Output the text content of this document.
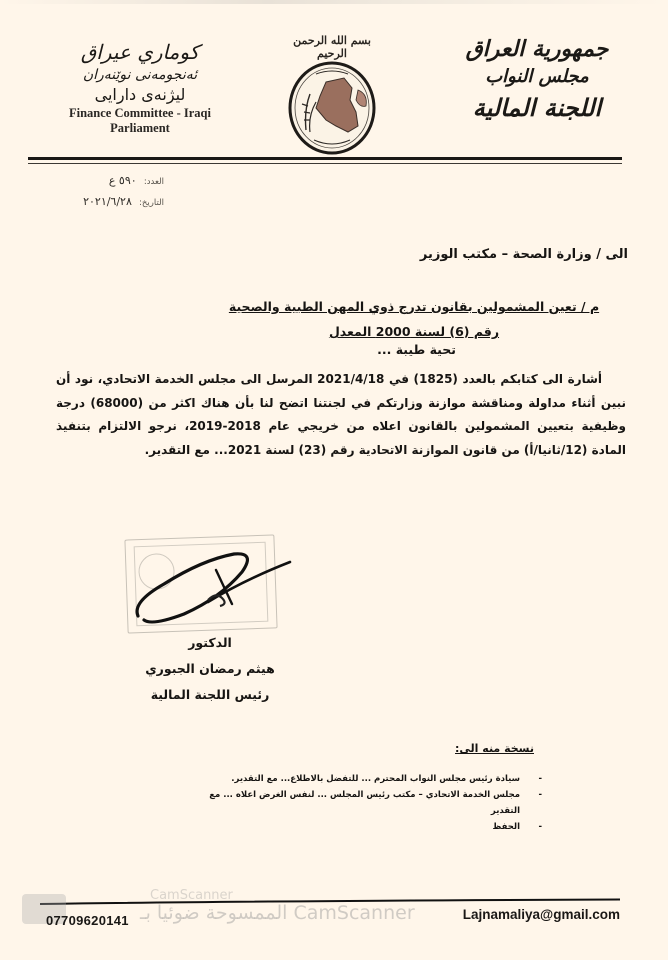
جمهورية العراق
مجلس النواب
اللجنة المالية
بسم الله الرحمن الرحيم
كوماري عيراق
ئەنجومەنی نوێنەران
ليژنەی دارایی
Finance Committee - Iraqi
Parliament
العدد: ٥٩٠ ع
التاريخ: ٢٠٢١/٦/٢٨
الى / وزارة الصحة – مكتب الوزير
م / تعين المشمولين بقانون تدرج ذوي المهن الطبية والصحية
رقم (6) لسنة 2000 المعدل
تحية طيبة ...
أشارة الى كتابكم بالعدد (1825) في 2021/4/18 المرسل الى مجلس الخدمة الاتحادي، نود أن نبين أثناء مداولة ومناقشة موازنة وزارتكم في لجنتنا اتضح لنا بأن هناك اكثر من (68000) درجة وظيفية بتعيين المشمولين بالقانون اعلاه من خريجي عام 2018-2019، نرجو الالتزام بتنفيذ المادة (12/ثانيا/أ) من قانون الموازنة الاتحادية رقم (23) لسنة 2021... مع التقدير.
الدكتور
هيثم رمضان الجبوري
رئيس اللجنة المالية
نسخة منه الى:
-
سيادة رئيس مجلس النواب المحترم ... للتفضل بالاطلاع... مع التقدير.
-
مجلس الخدمة الاتحادي – مكتب رئيس المجلس ... لنفس الغرض اعلاه ... مع التقدير
-
الحفظ
CamScanner
الممسوحة ضوئيا بـ CamScanner
07709620141	Lajnamaliya@gmail.com
